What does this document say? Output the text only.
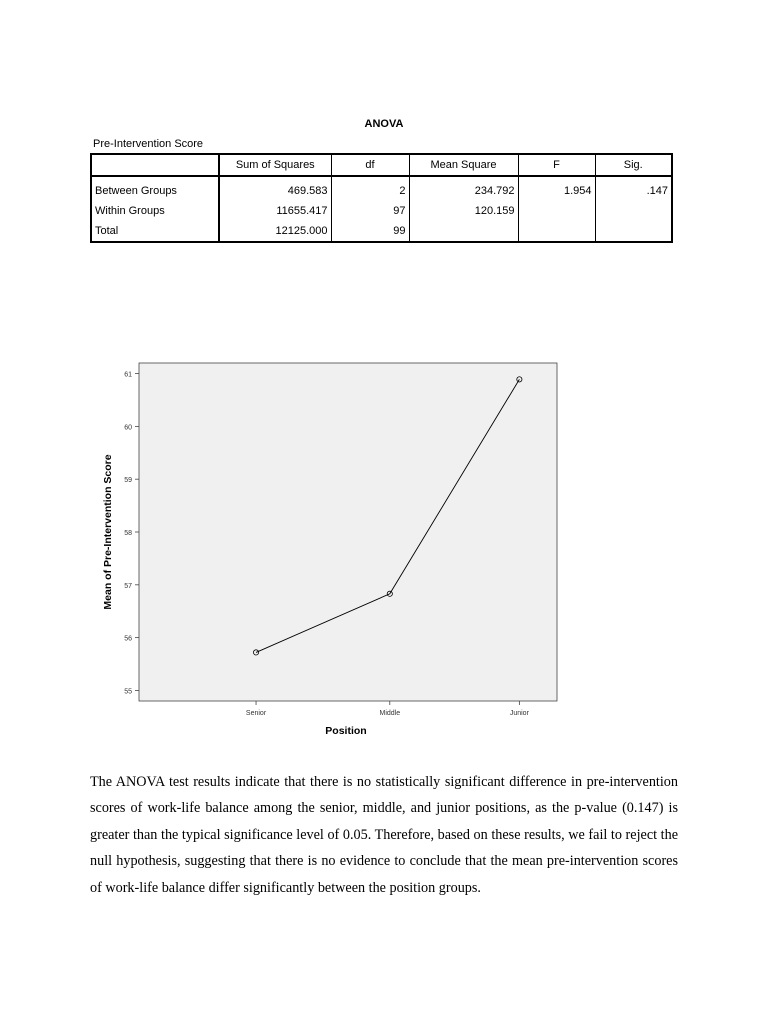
ANOVA
Pre-Intervention Score
	Sum of Squares	df	Mean Square	F	Sig.
Between Groups	469.583	2	234.792	1.954	.147
Within Groups	11655.417	97	120.159		
Total	12125.000	99			
55
56
57
58
59
60
61
Senior	Middle	Junior
Mean of Pre-Intervention Score
Position

The ANOVA test results indicate that there is no statistically significant difference in pre-intervention scores of work-life balance among the senior, middle, and junior positions, as the p-value (0.147) is greater than the typical significance level of 0.05. Therefore, based on these results, we fail to reject the null hypothesis, suggesting that there is no evidence to conclude that the mean pre-intervention scores of work-life balance differ significantly between the position groups.
